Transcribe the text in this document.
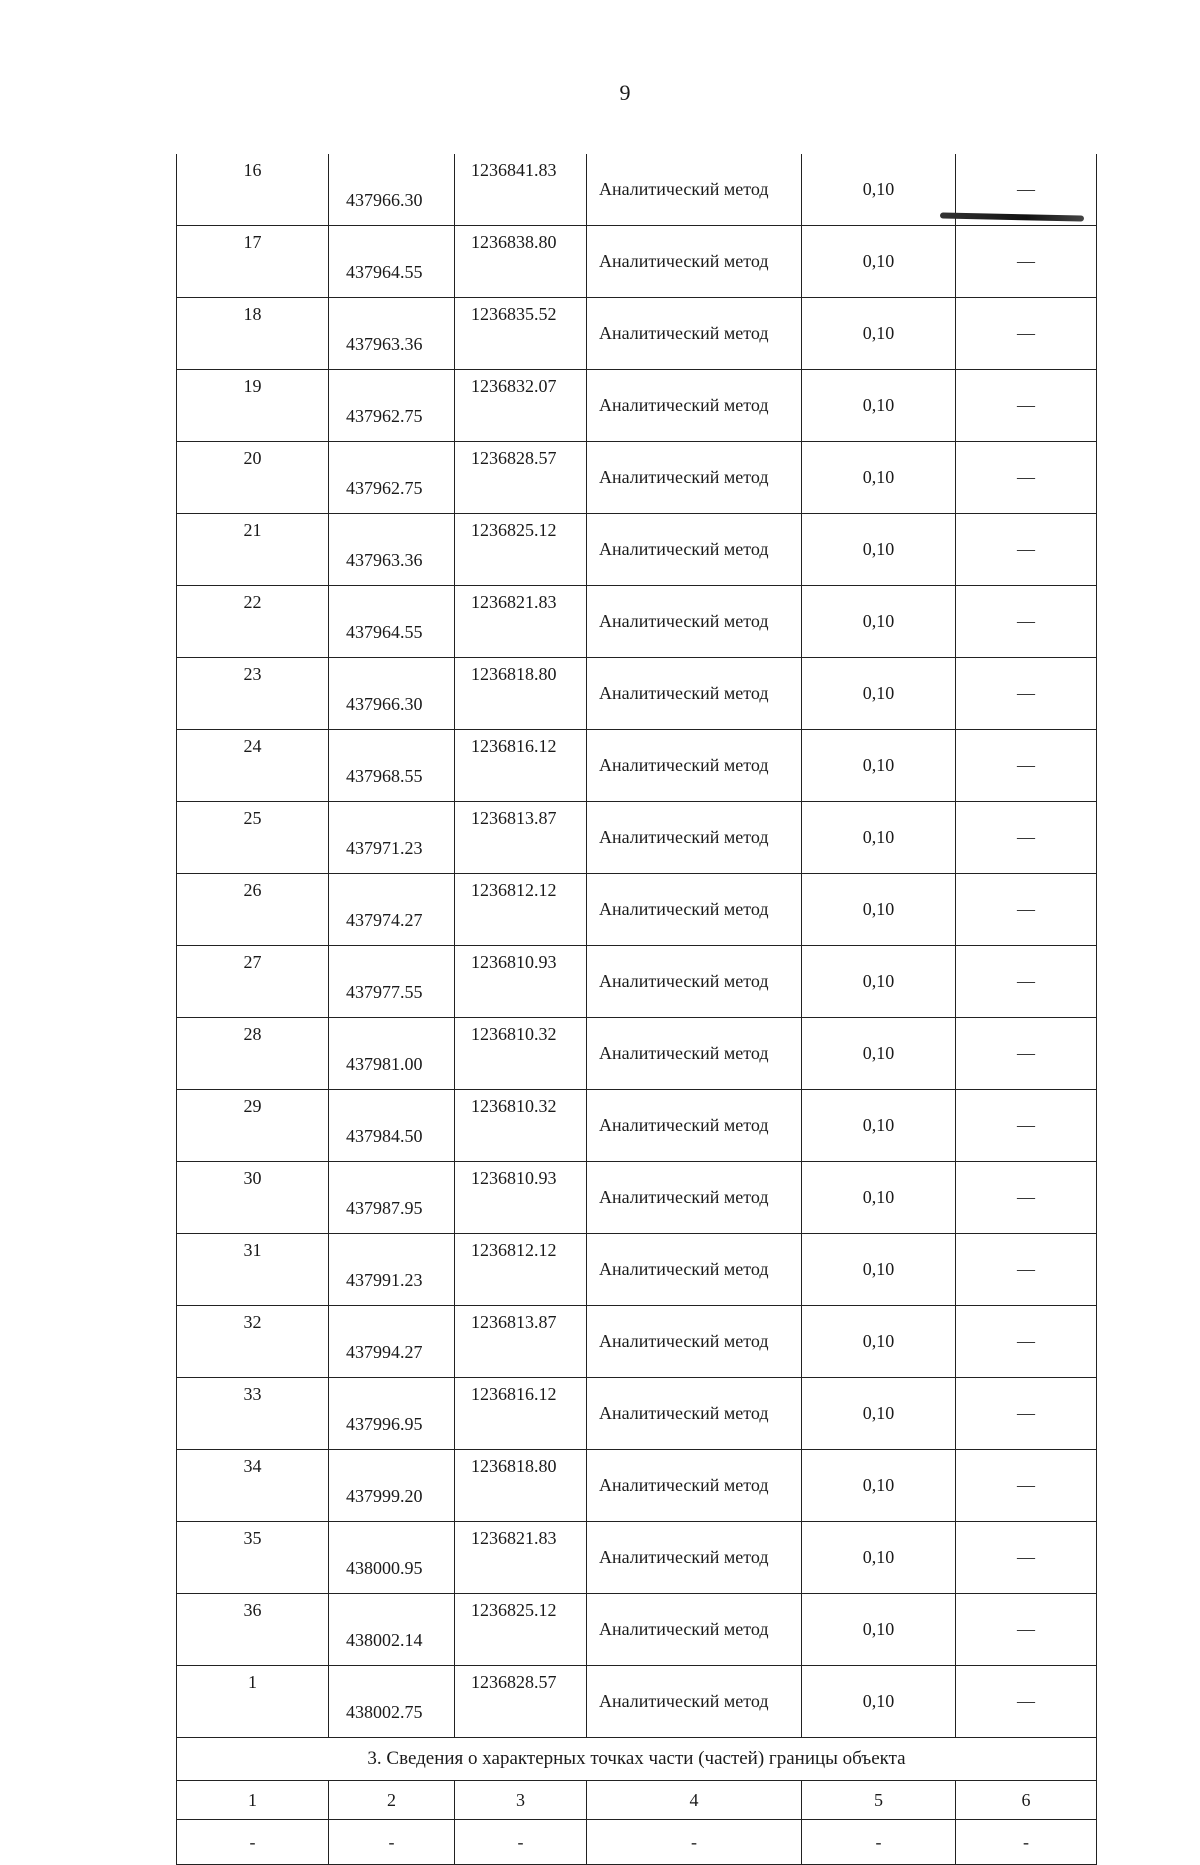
9
16	437966.30	1236841.83	Аналитический метод	0,10	—
17	437964.55	1236838.80	Аналитический метод	0,10	—
18	437963.36	1236835.52	Аналитический метод	0,10	—
19	437962.75	1236832.07	Аналитический метод	0,10	—
20	437962.75	1236828.57	Аналитический метод	0,10	—
21	437963.36	1236825.12	Аналитический метод	0,10	—
22	437964.55	1236821.83	Аналитический метод	0,10	—
23	437966.30	1236818.80	Аналитический метод	0,10	—
24	437968.55	1236816.12	Аналитический метод	0,10	—
25	437971.23	1236813.87	Аналитический метод	0,10	—
26	437974.27	1236812.12	Аналитический метод	0,10	—
27	437977.55	1236810.93	Аналитический метод	0,10	—
28	437981.00	1236810.32	Аналитический метод	0,10	—
29	437984.50	1236810.32	Аналитический метод	0,10	—
30	437987.95	1236810.93	Аналитический метод	0,10	—
31	437991.23	1236812.12	Аналитический метод	0,10	—
32	437994.27	1236813.87	Аналитический метод	0,10	—
33	437996.95	1236816.12	Аналитический метод	0,10	—
34	437999.20	1236818.80	Аналитический метод	0,10	—
35	438000.95	1236821.83	Аналитический метод	0,10	—
36	438002.14	1236825.12	Аналитический метод	0,10	—
1	438002.75	1236828.57	Аналитический метод	0,10	—
3. Сведения о характерных точках части (частей) границы объекта					
1	2	3	4	5	6
-	-	-	-	-	-
